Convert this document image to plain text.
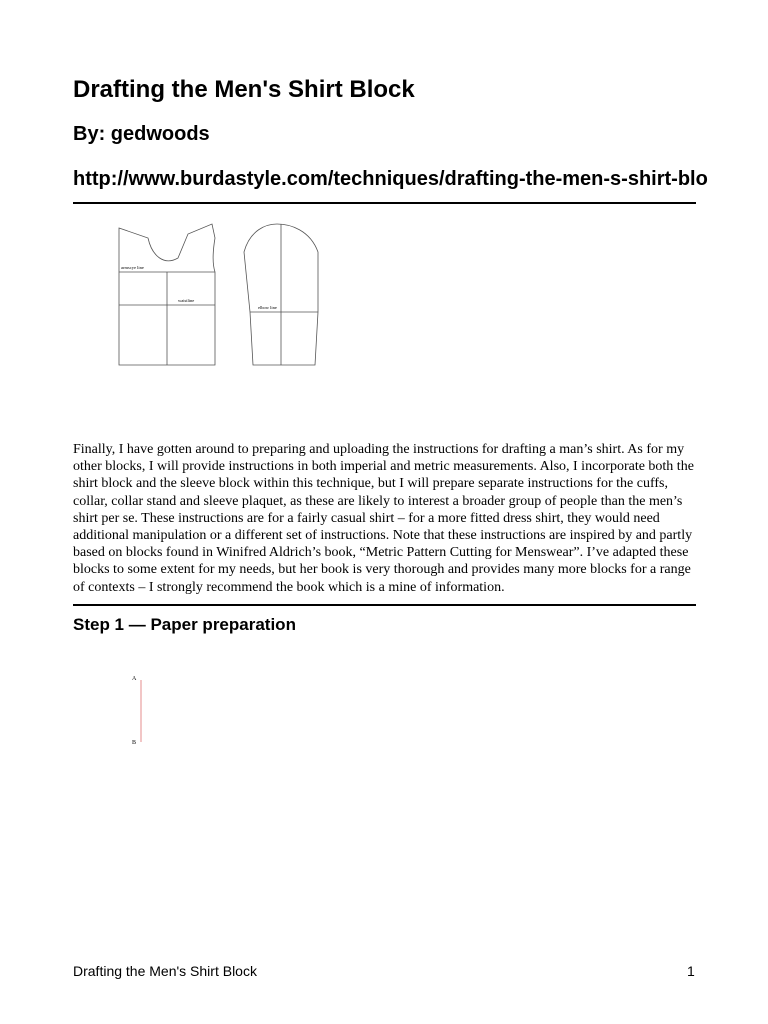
Drafting the Men's Shirt Block
By: gedwoods
http://www.burdastyle.com/techniques/drafting-the-men-s-shirt-blo
armscye line
waistline
elbow line
Finally, I have gotten around to preparing and uploading the instructions for drafting a man’s shirt. As for my other blocks, I will provide instructions in both imperial and metric measurements. Also, I incorporate both the shirt block and the sleeve block within this technique, but I will prepare separate instructions for the cuffs, collar, collar stand and sleeve plaquet, as these are likely to interest a broader group of people than the men’s shirt per se. These instructions are for a fairly casual shirt – for a more fitted dress shirt, they would need additional manipulation or a different set of instructions. Note that these instructions are inspired by and partly based on blocks found in Winifred Aldrich’s book, “Metric Pattern Cutting for Menswear”. I’ve adapted these blocks to some extent for my needs, but her book is very thorough and provides many more blocks for a range of contexts – I strongly recommend the book which is a mine of information.
Step 1 — Paper preparation
A
B
Drafting the Men's Shirt Block	1
